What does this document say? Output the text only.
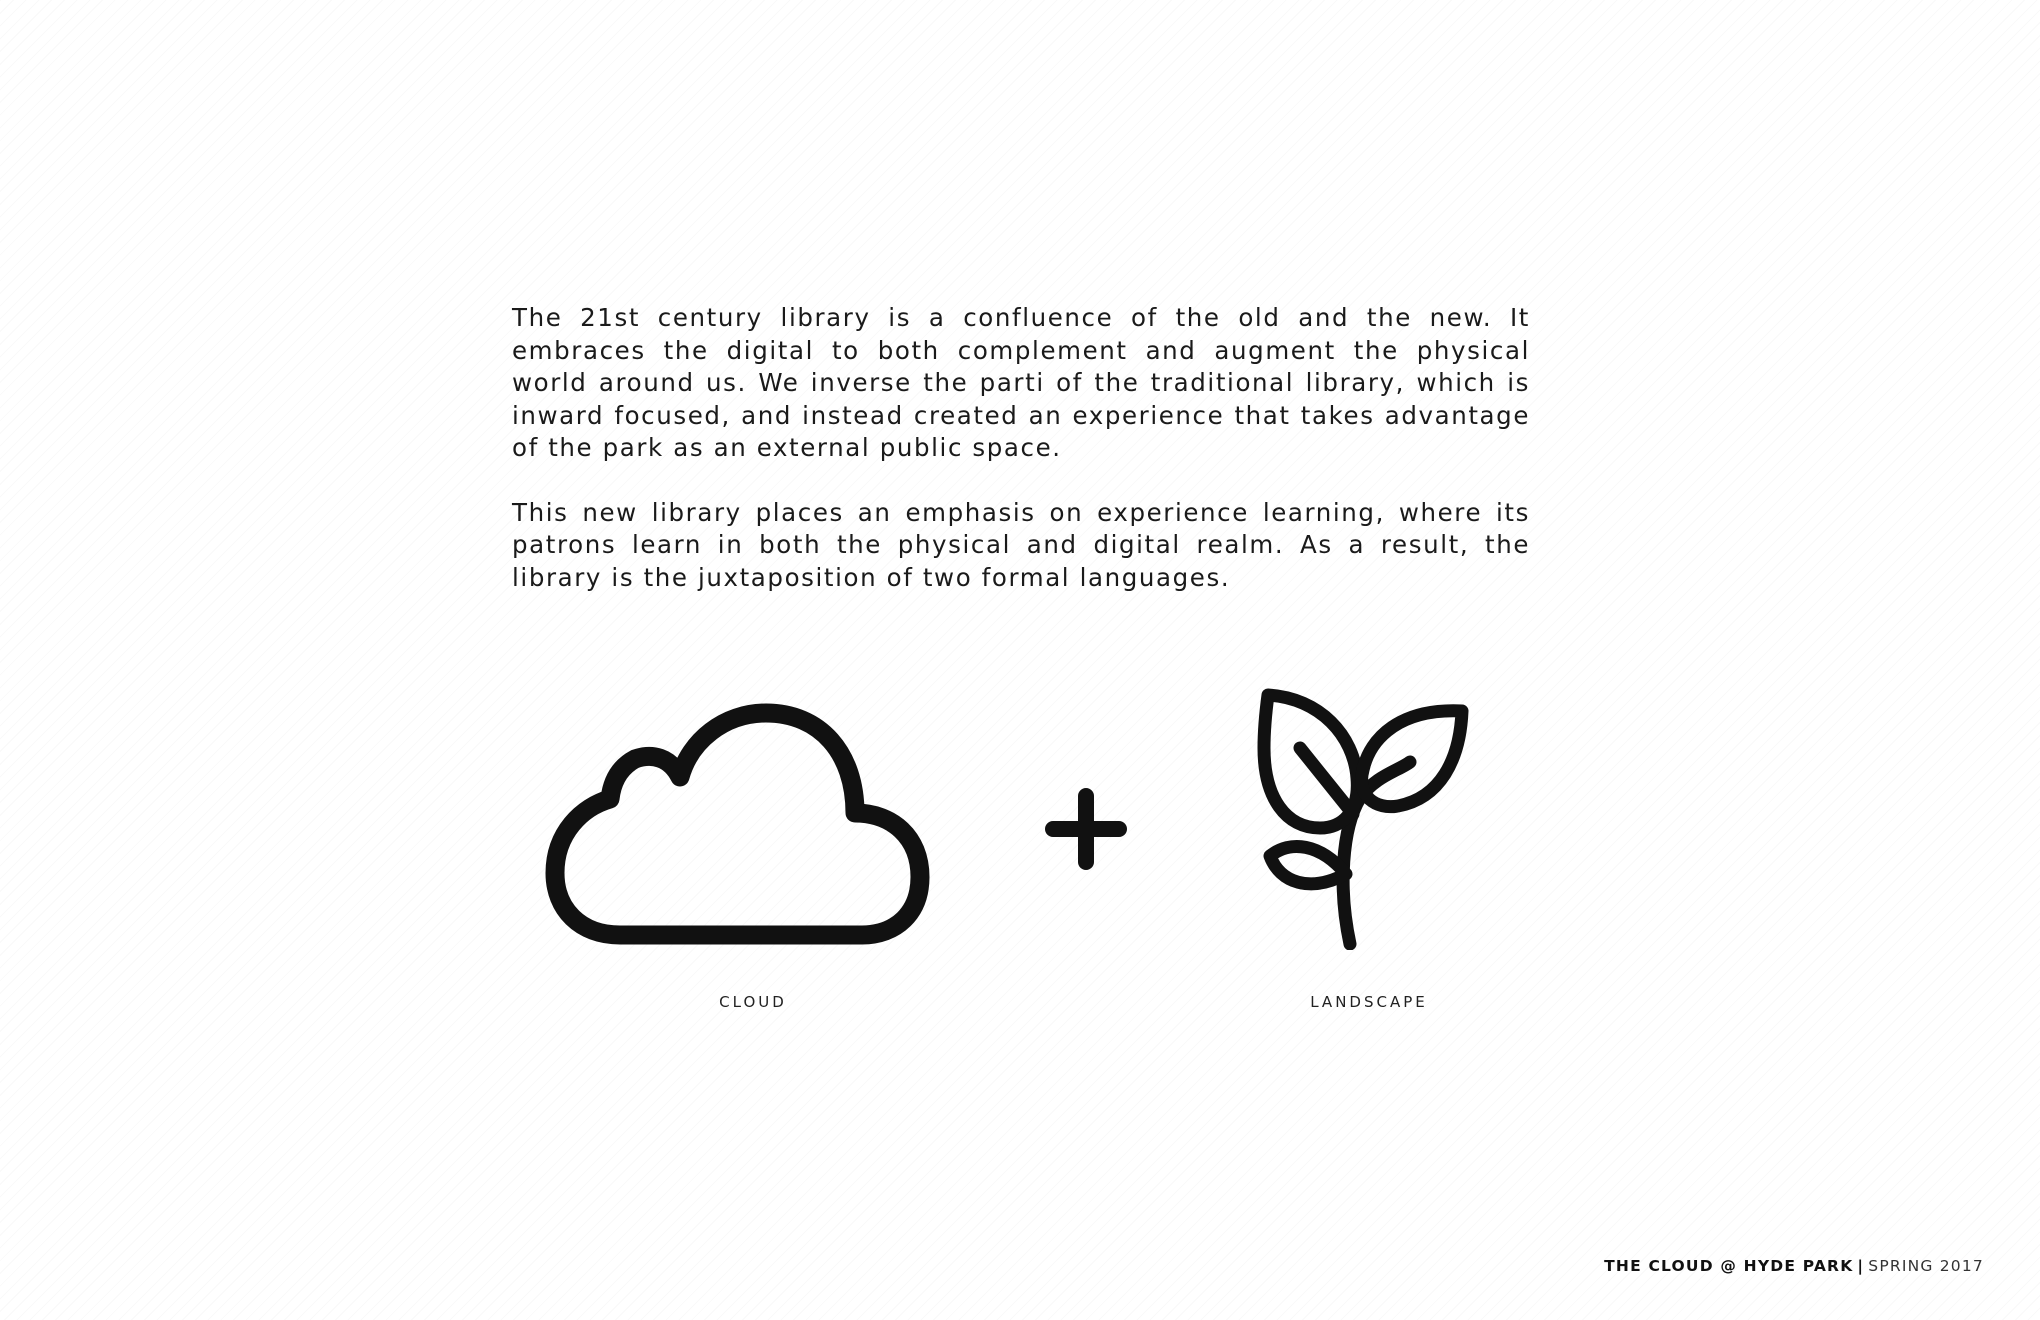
The 21st century library is a confluence of the old and the new. It embraces the digital to both complement and augment the physical world around us. We inverse the parti of the traditional library, which is inward focused, and instead created an experience that takes advantage of the park as an external public space.

This new library places an emphasis on experience learning, where its patrons learn in both the physical and digital realm. As a result, the library is the juxtaposition of two formal languages.

CLOUD	LANDSCAPE
THE CLOUD @ HYDE PARK | SPRING 2017
